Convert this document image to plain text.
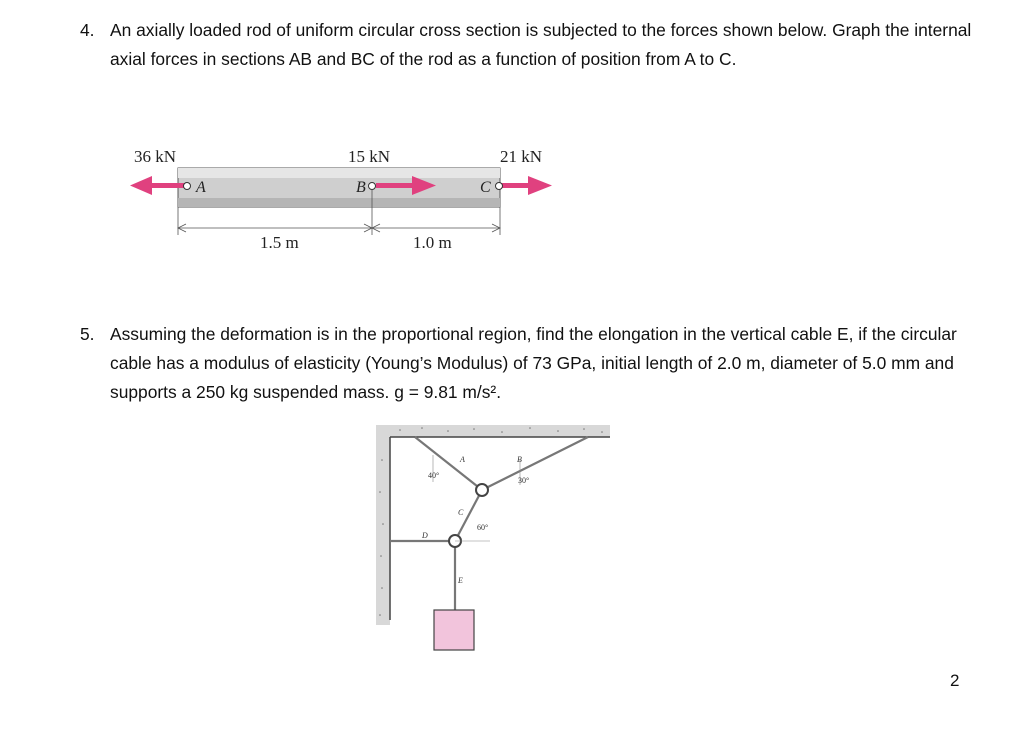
4. An axially loaded rod of uniform circular cross section is subjected to the forces shown below. Graph the internal axial forces in sections AB and BC of the rod as a function of position from A to C.
36 kN	15 kN	21 kN
A	B	C
1.5 m	1.0 m
5. Assuming the deformation is in the proportional region, find the elongation in the vertical cable E, if the circular cable has a modulus of elasticity (Young’s Modulus) of 73 GPa, initial length of 2.0 m, diameter of 5.0 mm and supports a 250 kg suspended mass. g = 9.81 m/s².
A	B
C
D
E
40°
30°
60°
2
